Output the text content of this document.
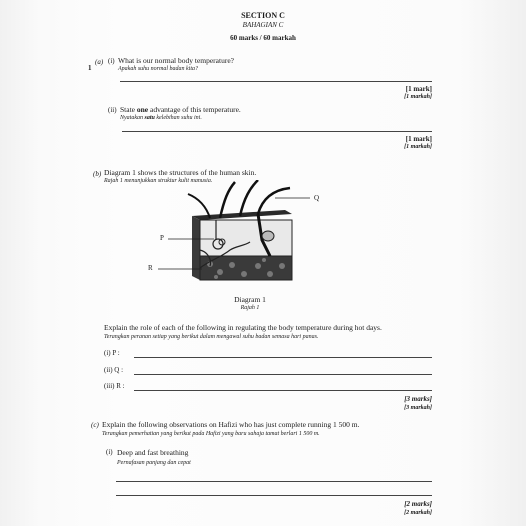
SECTION C
BAHAGIAN C
60 marks / 60 markah
1
(a) (i) What is our normal body temperature?
Apakah suhu normal badan kita?
[1 mark]
[1 markah]
(ii) State one advantage of this temperature.
Nyatakan satu kelebihan suhu ini.
[1 mark]
[1 markah]
(b) Diagram 1 shows the structures of the human skin.
Rajah 1 menunjukkan struktur kulit manusia.
Q
P
R
Diagram 1
Rajah 1
Explain the role of each of the following in regulating the body temperature during hot days.
Terangkan peranan setiap yang berikut dalam mengawal suhu badan semasa hari panas.
(i) P :
(ii) Q :
(iii) R :
[3 marks]
[3 markah]
(c) Explain the following observations on Hafizi who has just complete running 1 500 m.
Terangkan pemerhatian yang berikut pada Hafizi yang baru sahaja tamat berlari 1 500 m.
(i) Deep and fast breathing
Pernafasan panjang dan cepat
[2 marks]
[2 markah]
